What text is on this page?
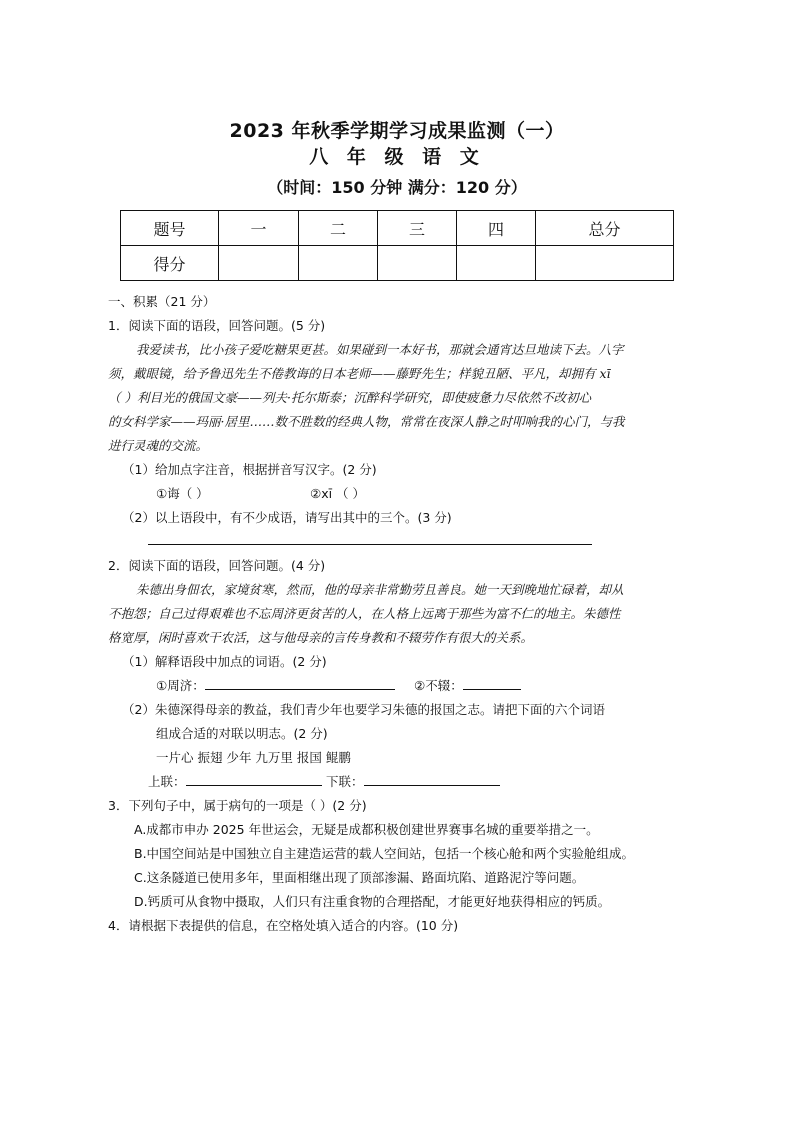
2023 年秋季学期学习成果监测（一）
八 年 级 语 文
（时间：150 分钟 满分：120 分）
题号	一	二	三	四	总分
得分					
一、积累（21 分）
1．阅读下面的语段，回答问题。(5 分)
我爱读书，比小孩子爱吃糖果更甚。如果碰到一本好书，那就会通宵达旦地读下去。八字
须，戴眼镜，给予鲁迅先生不倦教诲的日本老师——藤野先生；样貌丑陋、平凡，却拥有 xī
（ ）利目光的俄国文豪——列夫·托尔斯泰；沉醉科学研究，即使疲惫力尽依然不改初心
的女科学家——玛丽·居里……数不胜数的经典人物，常常在夜深人静之时叩响我的心门，与我
进行灵魂的交流。
（1）给加点字注音，根据拼音写汉字。(2 分)
①诲（ ）	②xī （ ）
（2）以上语段中，有不少成语，请写出其中的三个。(3 分)
2．阅读下面的语段，回答问题。(4 分)
朱德出身佃农，家境贫寒，然而，他的母亲非常勤劳且善良。她一天到晚地忙碌着，却从
不抱怨；自己过得艰难也不忘周济更贫苦的人，在人格上远离于那些为富不仁的地主。朱德性
格宽厚，闲时喜欢干农活，这与他母亲的言传身教和不辍劳作有很大的关系。
（1）解释语段中加点的词语。(2 分)
①周济：	②不辍：
（2）朱德深得母亲的教益，我们青少年也要学习朱德的报国之志。请把下面的六个词语
组成合适的对联以明志。(2 分)
一片心 振翅 少年 九万里 报国 鲲鹏
上联：	下联：
3．下列句子中，属于病句的一项是（ ）(2 分)
A.成都市申办 2025 年世运会，无疑是成都积极创建世界赛事名城的重要举措之一。
B.中国空间站是中国独立自主建造运营的载人空间站，包括一个核心舱和两个实验舱组成。
C.这条隧道已使用多年，里面相继出现了顶部渗漏、路面坑陷、道路泥泞等问题。
D.钙质可从食物中摄取，人们只有注重食物的合理搭配，才能更好地获得相应的钙质。
4．请根据下表提供的信息，在空格处填入适合的内容。(10 分)
